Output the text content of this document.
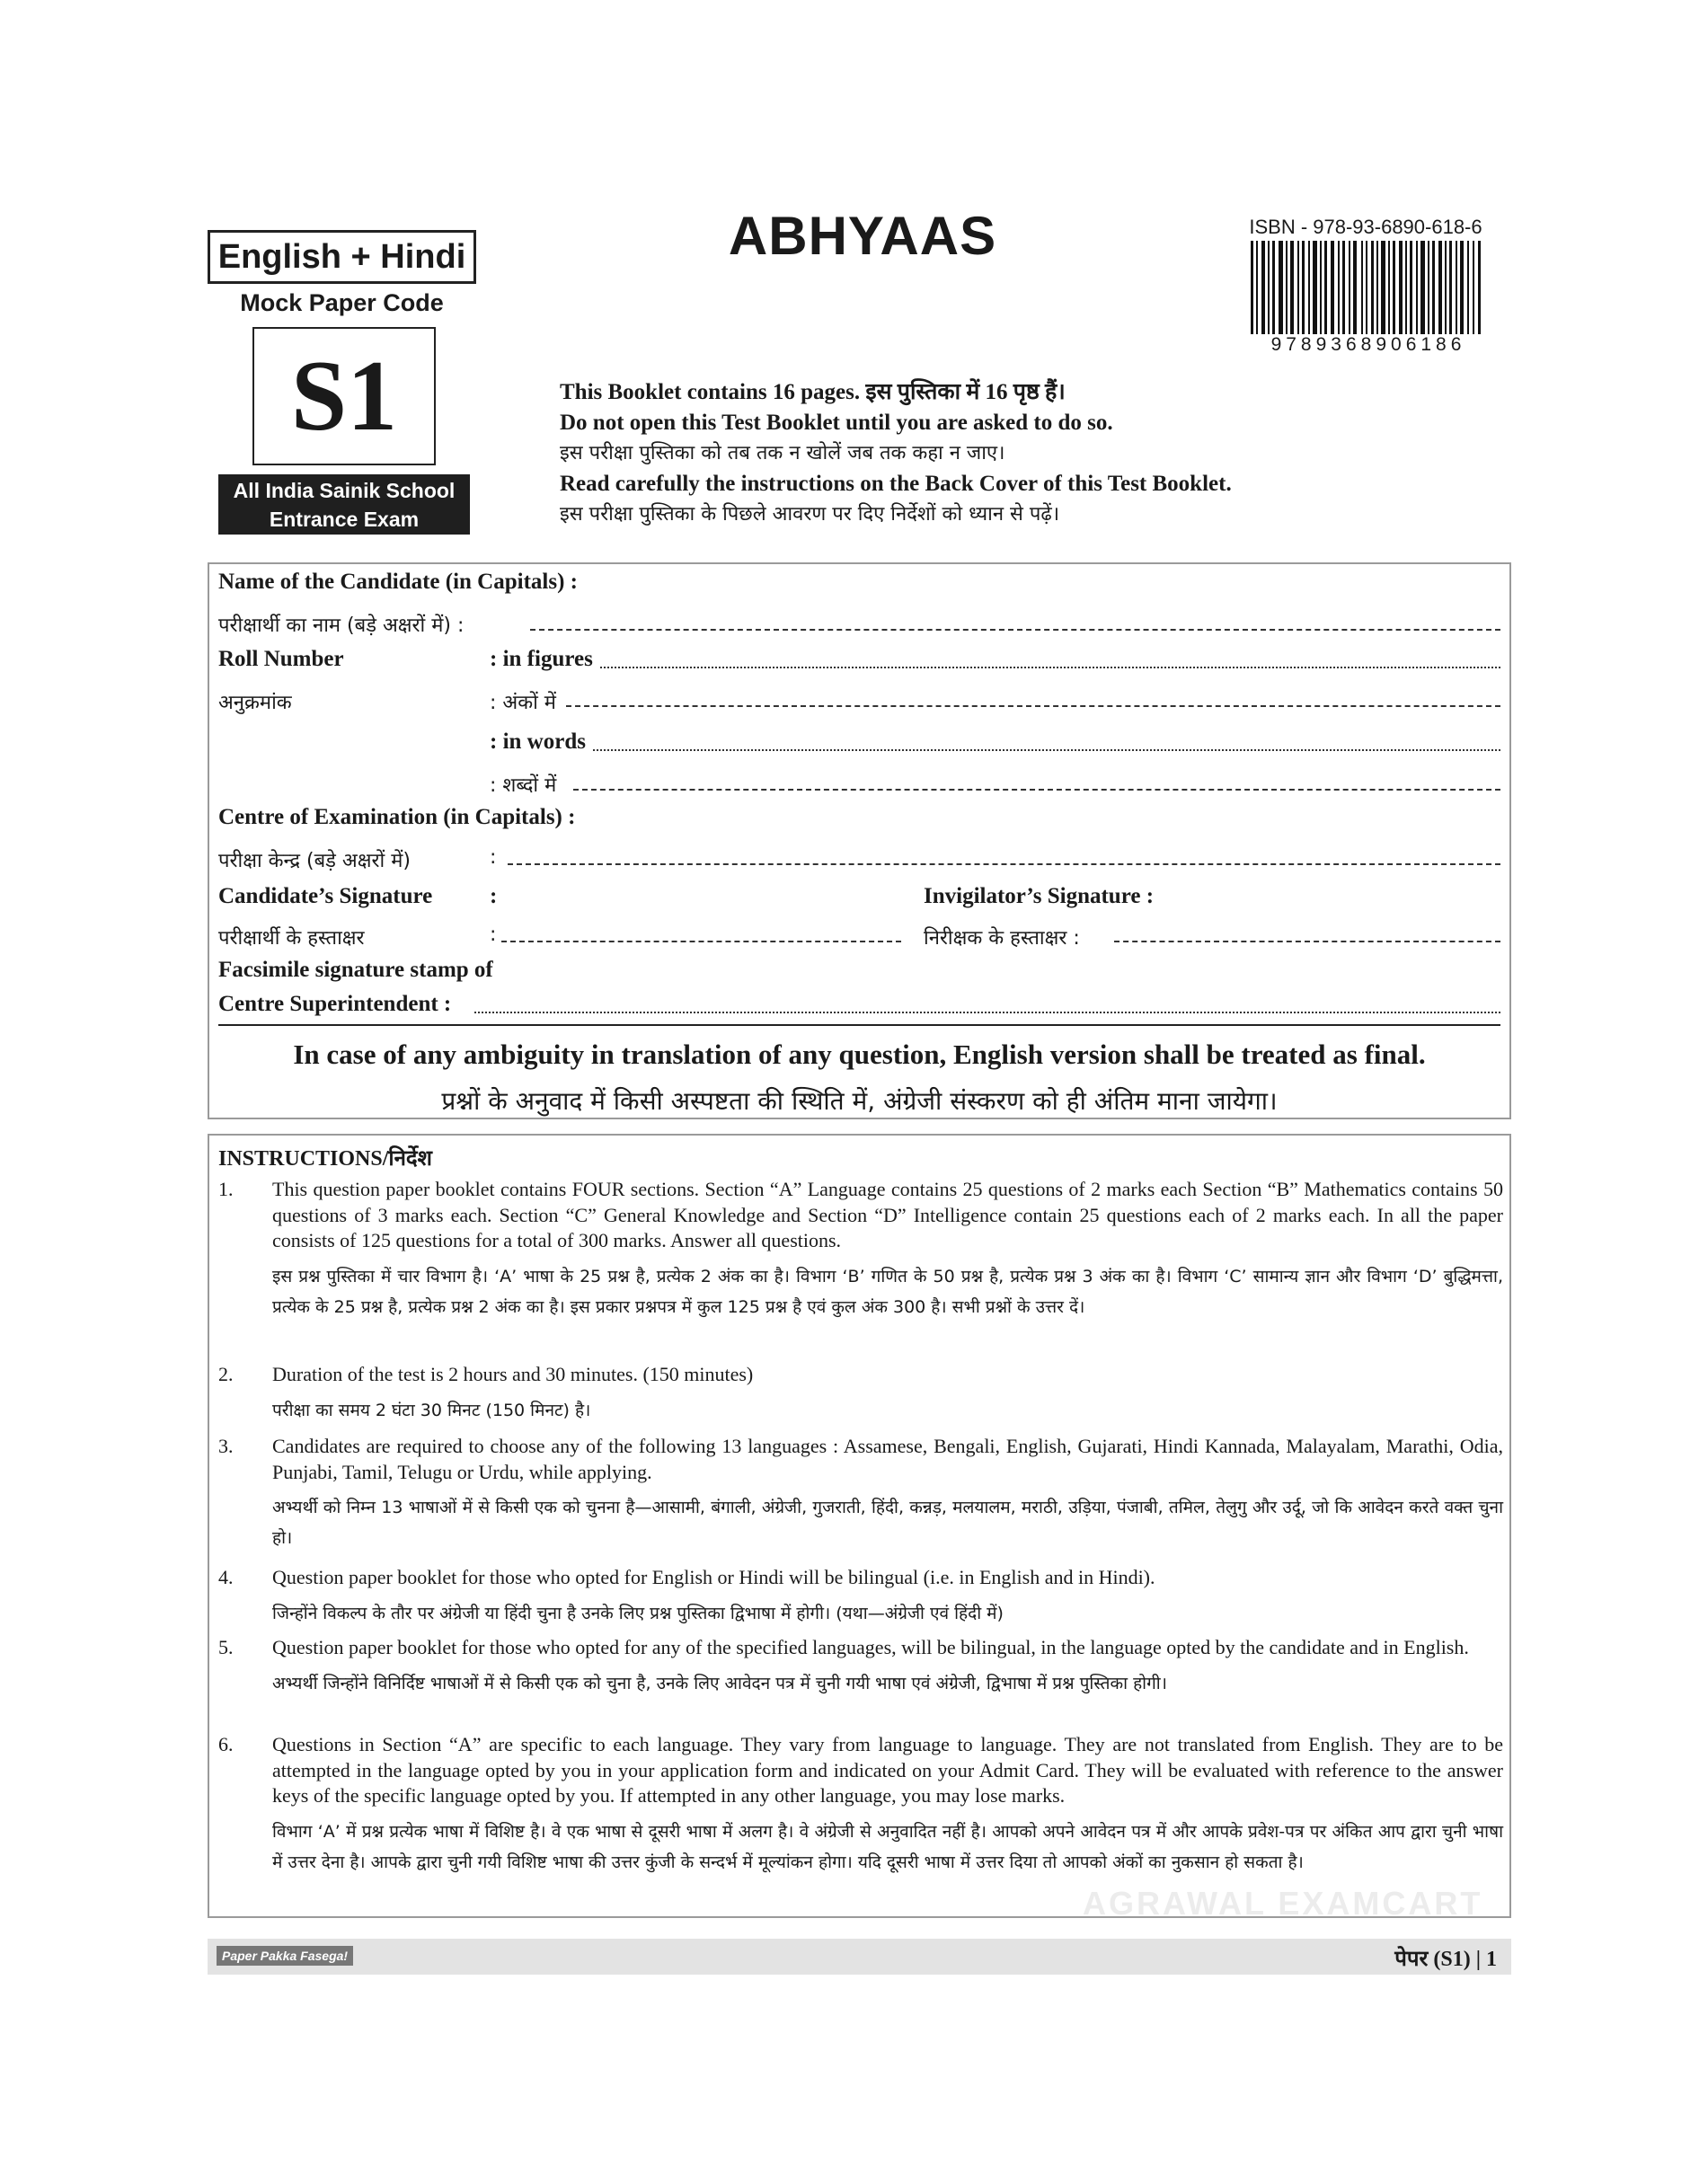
English + Hindi
Mock Paper Code
S1
All India Sainik School
Entrance Exam
ABHYAAS	ISBN - 978-93-6890-618-6
9789368906186
This Booklet contains 16 pages. इस पुस्तिका में 16 पृष्ठ हैं।
Do not open this Test Booklet until you are asked to do so.
इस परीक्षा पुस्तिका को तब तक न खोलें जब तक कहा न जाए।
Read carefully the instructions on the Back Cover of this Test Booklet.
इस परीक्षा पुस्तिका के पिछले आवरण पर दिए निर्देशों को ध्यान से पढ़ें।
Name of the Candidate (in Capitals) :
परीक्षार्थी का नाम (बड़े अक्षरों में) :
Roll Number	: in figures
अनुक्रमांक	: अंकों में
: in words
: शब्दों में
Centre of Examination (in Capitals) :
परीक्षा केन्द्र (बड़े अक्षरों में)	:
Candidate’s Signature	:	Invigilator’s Signature :
परीक्षार्थी के हस्ताक्षर	:	निरीक्षक के हस्ताक्षर :
Facsimile signature stamp of
Centre Superintendent :
In case of any ambiguity in translation of any question, English version shall be treated as final.
प्रश्नों के अनुवाद में किसी अस्पष्टता की स्थिति में, अंग्रेजी संस्करण को ही अंतिम माना जायेगा।
INSTRUCTIONS/निर्देश
1. This question paper booklet contains FOUR sections. Section “A” Language contains 25 questions of 2 marks each Section “B” Mathematics contains 50 questions of 3 marks each. Section “C” General Knowledge and Section “D” Intelligence contain 25 questions each of 2 marks each. In all the paper consists of 125 questions for a total of 300 marks. Answer all questions.
इस प्रश्न पुस्तिका में चार विभाग है। ‘A’ भाषा के 25 प्रश्न है, प्रत्येक 2 अंक का है। विभाग ‘B’ गणित के 50 प्रश्न है, प्रत्येक प्रश्न 3 अंक का है। विभाग ‘C’ सामान्य ज्ञान और विभाग ‘D’ बुद्धिमत्ता, प्रत्येक के 25 प्रश्न है, प्रत्येक प्रश्न 2 अंक का है। इस प्रकार प्रश्नपत्र में कुल 125 प्रश्न है एवं कुल अंक 300 है। सभी प्रश्नों के उत्तर दें।
2. Duration of the test is 2 hours and 30 minutes. (150 minutes)
परीक्षा का समय 2 घंटा 30 मिनट (150 मिनट) है।
3. Candidates are required to choose any of the following 13 languages : Assamese, Bengali, English, Gujarati, Hindi Kannada, Malayalam, Marathi, Odia, Punjabi, Tamil, Telugu or Urdu, while applying.
अभ्यर्थी को निम्न 13 भाषाओं में से किसी एक को चुनना है—आसामी, बंगाली, अंग्रेजी, गुजराती, हिंदी, कन्नड़, मलयालम, मराठी, उड़िया, पंजाबी, तमिल, तेलुगु और उर्दू, जो कि आवेदन करते वक्त चुना हो।
4. Question paper booklet for those who opted for English or Hindi will be bilingual (i.e. in English and in Hindi).
जिन्होंने विकल्प के तौर पर अंग्रेजी या हिंदी चुना है उनके लिए प्रश्न पुस्तिका द्विभाषा में होगी। (यथा—अंग्रेजी एवं हिंदी में)
5. Question paper booklet for those who opted for any of the specified languages, will be bilingual, in the language opted by the candidate and in English.
अभ्यर्थी जिन्होंने विनिर्दिष्ट भाषाओं में से किसी एक को चुना है, उनके लिए आवेदन पत्र में चुनी गयी भाषा एवं अंग्रेजी, द्विभाषा में प्रश्न पुस्तिका होगी।
6. Questions in Section “A” are specific to each language. They vary from language to language. They are not translated from English. They are to be attempted in the language opted by you in your application form and indicated on your Admit Card. They will be evaluated with reference to the answer keys of the specific language opted by you. If attempted in any other language, you may lose marks.
विभाग ‘A’ में प्रश्न प्रत्येक भाषा में विशिष्ट है। वे एक भाषा से दूसरी भाषा में अलग है। वे अंग्रेजी से अनुवादित नहीं है। आपको अपने आवेदन पत्र में और आपके प्रवेश-पत्र पर अंकित आप द्वारा चुनी भाषा में उत्तर देना है। आपके द्वारा चुनी गयी विशिष्ट भाषा की उत्तर कुंजी के सन्दर्भ में मूल्यांकन होगा। यदि दूसरी भाषा में उत्तर दिया तो आपको अंकों का नुकसान हो सकता है।
AGRAWAL EXAMCART
Paper Pakka Fasega!	पेपर (S1) | 1
